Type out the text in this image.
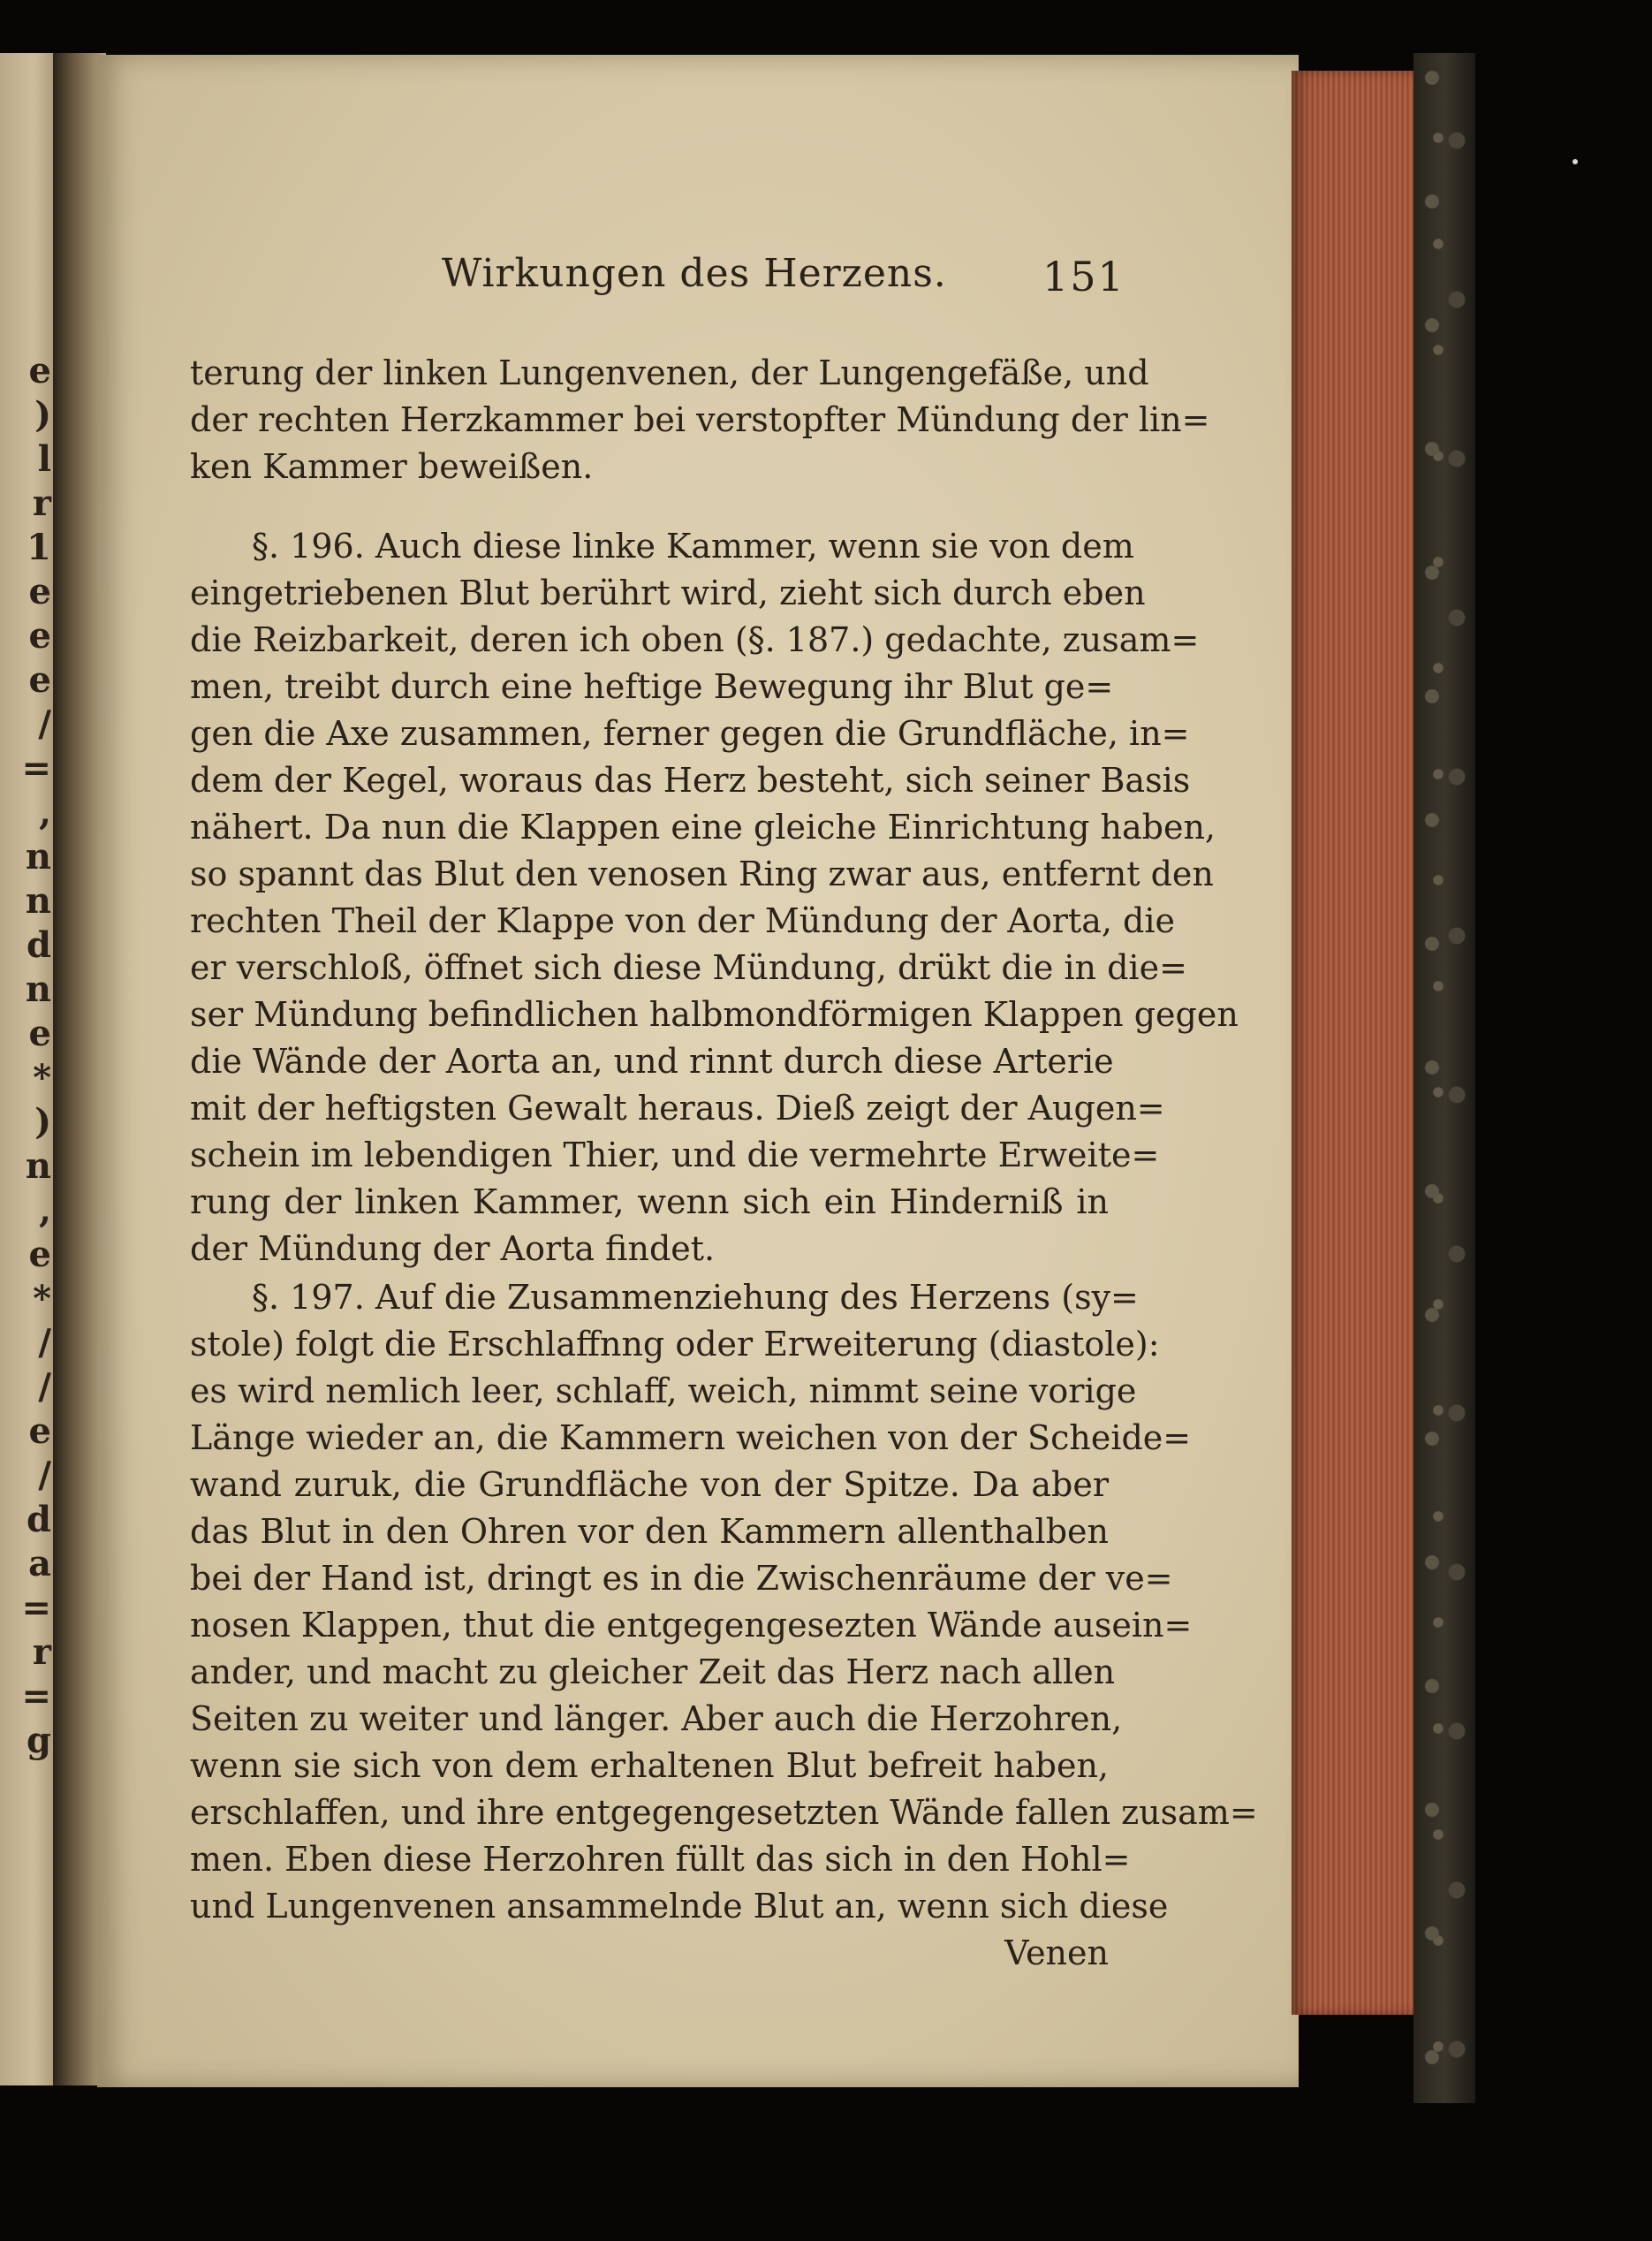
e
)
l
r
1
e
e
e
/
=
,
n
n
d
n
e
*
)
n
,
e
*
/
/
e
/
d
a
=
r
=
g
Wirkungen des Herzens. 151
terung der linken Lungenvenen, der Lungengefäße, und
der rechten Herzkammer bei verstopfter Mündung der lin=
ken Kammer beweißen.
§. 196. Auch diese linke Kammer, wenn sie von dem
eingetriebenen Blut berührt wird, zieht sich durch eben
die Reizbarkeit, deren ich oben (§. 187.) gedachte, zusam=
men, treibt durch eine heftige Bewegung ihr Blut ge=
gen die Axe zusammen, ferner gegen die Grundfläche, in=
dem der Kegel, woraus das Herz besteht, sich seiner Basis
nähert. Da nun die Klappen eine gleiche Einrichtung haben,
so spannt das Blut den venosen Ring zwar aus, entfernt den
rechten Theil der Klappe von der Mündung der Aorta, die
er verschloß, öffnet sich diese Mündung, drükt die in die=
ser Mündung befindlichen halbmondförmigen Klappen gegen
die Wände der Aorta an, und rinnt durch diese Arterie
mit der heftigsten Gewalt heraus. Dieß zeigt der Augen=
schein im lebendigen Thier, und die vermehrte Erweite=
rung der linken Kammer, wenn sich ein Hinderniß in
der Mündung der Aorta findet.
§. 197. Auf die Zusammenziehung des Herzens (sy=
stole) folgt die Erschlaffnng oder Erweiterung (diastole):
es wird nemlich leer, schlaff, weich, nimmt seine vorige
Länge wieder an, die Kammern weichen von der Scheide=
wand zuruk, die Grundfläche von der Spitze. Da aber
das Blut in den Ohren vor den Kammern allenthalben
bei der Hand ist, dringt es in die Zwischenräume der ve=
nosen Klappen, thut die entgegengesezten Wände ausein=
ander, und macht zu gleicher Zeit das Herz nach allen
Seiten zu weiter und länger. Aber auch die Herzohren,
wenn sie sich von dem erhaltenen Blut befreit haben,
erschlaffen, und ihre entgegengesetzten Wände fallen zusam=
men. Eben diese Herzohren füllt das sich in den Hohl=
und Lungenvenen ansammelnde Blut an, wenn sich diese
Venen
